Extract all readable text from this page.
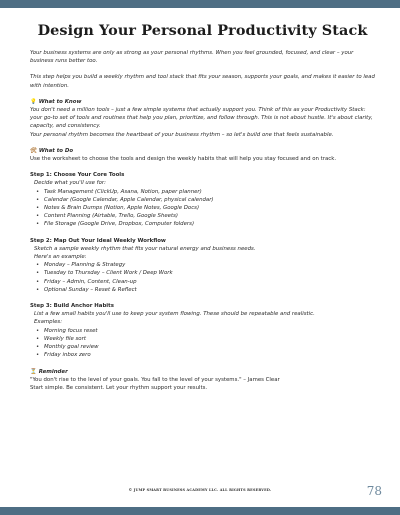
Design Your Personal Productivity Stack

Your business systems are only as strong as your personal rhythms. When you feel grounded, focused, and clear – your business runs better too.

This step helps you build a weekly rhythm and tool stack that fits your season, supports your goals, and makes it easier to lead with intention.

💡 What to Know

You don't need a million tools – just a few simple systems that actually support you. Think of this as your Productivity Stack: your go-to set of tools and routines that help you plan, prioritize, and follow through. This is not about hustle. It's about clarity, capacity, and consistency.

Your personal rhythm becomes the heartbeat of your business rhythm – so let's build one that feels sustainable.

🛠 What to Do

Use the worksheet to choose the tools and design the weekly habits that will help you stay focused and on track.

Step 1: Choose Your Core Tools

Decide what you'll use for:

• Task Management (ClickUp, Asana, Notion, paper planner)
• Calendar (Google Calendar, Apple Calendar, physical calendar)
• Notes & Brain Dumps (Notion, Apple Notes, Google Docs)
• Content Planning (Airtable, Trello, Google Sheets)
• File Storage (Google Drive, Dropbox, Computer folders)

Step 2: Map Out Your Ideal Weekly Workflow

Sketch a sample weekly rhythm that fits your natural energy and business needs.

Here's an example:

• Monday – Planning & Strategy
• Tuesday to Thursday – Client Work / Deep Work
• Friday – Admin, Content, Clean-up
• Optional Sunday – Reset & Reflect

Step 3: Build Anchor Habits

List a few small habits you'll use to keep your system flowing. These should be repeatable and realistic.

Examples:

• Morning focus reset
• Weekly file sort
• Monthly goal review
• Friday inbox zero
⏳ Reminder

"You don't rise to the level of your goals. You fall to the level of your systems." – James Clear

Start simple. Be consistent. Let your rhythm support your results.

© JUMP SMART BUSINESS ACADEMY LLC. ALL RIGHTS RESERVED.	78
